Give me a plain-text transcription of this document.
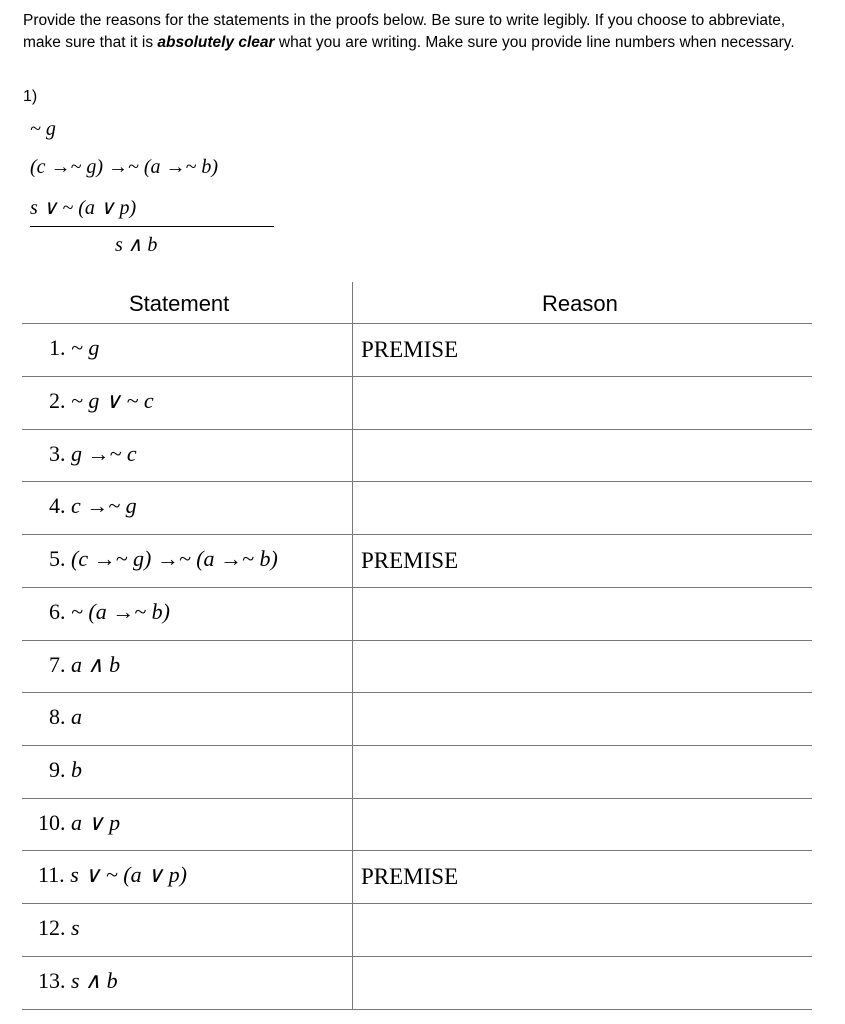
Provide the reasons for the statements in the proofs below. Be sure to write legibly. If you choose to abbreviate, make sure that it is absolutely clear what you are writing. Make sure you provide line numbers when necessary.
1)
~ g
(c →~ g) →~ (a →~ b)
s ∨ ~ (a ∨ p)
s ∧ b
Statement	Reason
1. ~ g	PREMISE
2. ~ g ∨ ~ c
3. g →~ c
4. c →~ g
5. (c →~ g) →~ (a →~ b)	PREMISE
6. ~ (a →~ b)
7. a ∧ b
8. a
9. b
10. a ∨ p
11. s ∨ ~ (a ∨ p)	PREMISE
12. s
13. s ∧ b
